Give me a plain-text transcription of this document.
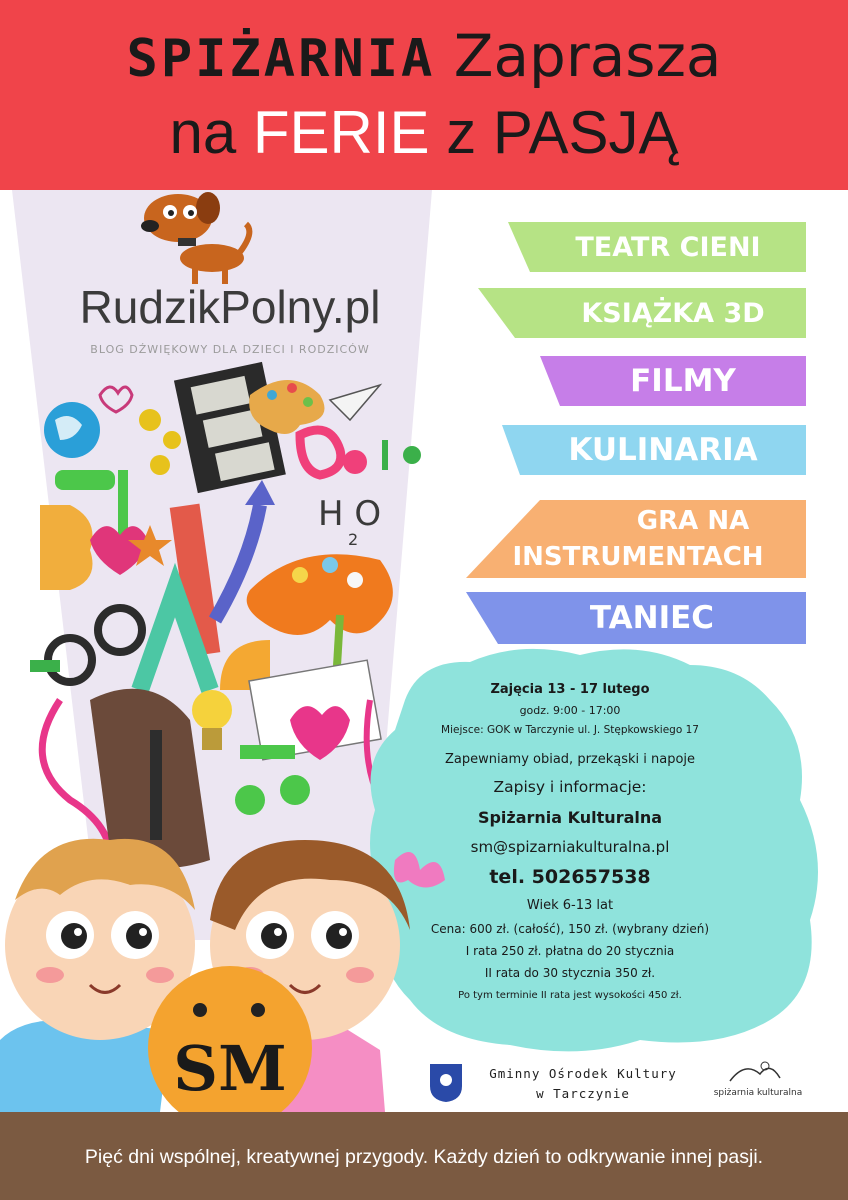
SPIŻARNIA Zaprasza
na FERIE z PASJĄ
H O
2
RudzikPolny.pl
BLOG DŹWIĘKOWY DLA DZIECI I RODZICÓW
TEATR CIENI
KSIĄŻKA 3D
FILMY
KULINARIA
GRA NA
INSTRUMENTACH
TANIEC
Zajęcia 13 - 17 lutego
godz. 9:00 - 17:00
Miejsce: GOK w Tarczynie ul. J. Stępkowskiego 17
Zapewniamy obiad, przekąski i napoje
Zapisy i informacje:
Spiżarnia Kulturalna
sm@spizarniakulturalna.pl
tel. 502657538
Wiek 6-13 lat
Cena: 600 zł. (całość), 150 zł. (wybrany dzień)
I rata 250 zł. płatna do 20 stycznia
II rata do 30 stycznia 350 zł.
Po tym terminie II rata jest wysokości 450 zł.
SM	Gminny Ośrodek Kultury
w Tarczynie	spiżarnia kulturalna
Pięć dni wspólnej, kreatywnej przygody. Każdy dzień to odkrywanie innej pasji.
